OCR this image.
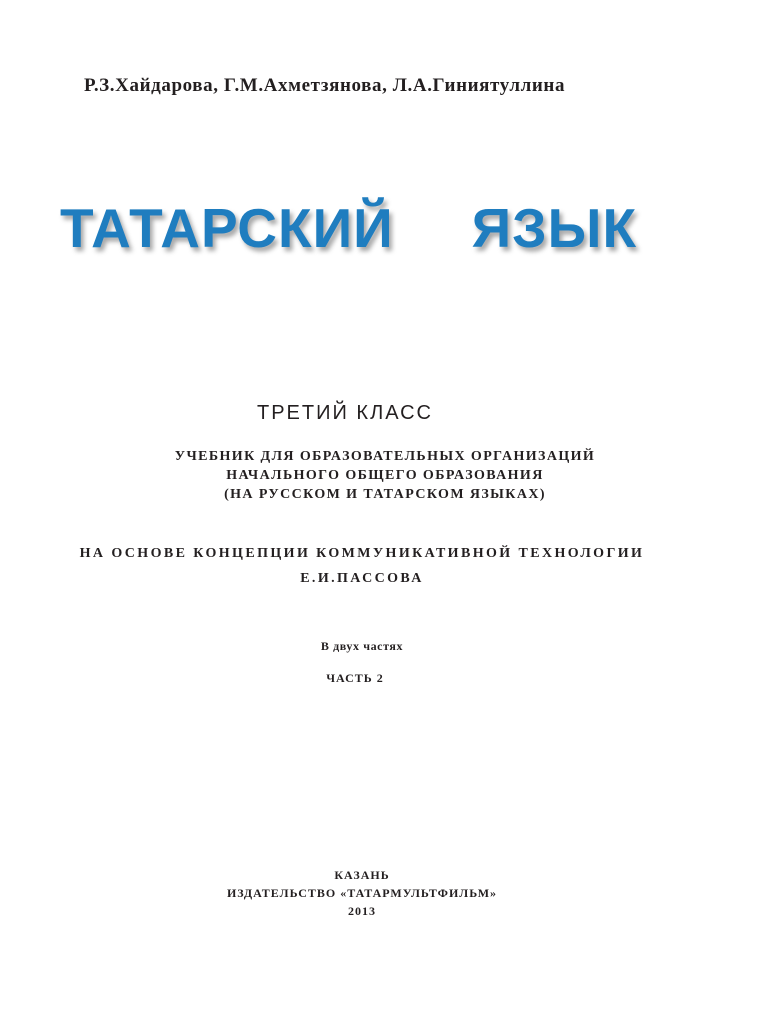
Р.З.Хайдарова, Г.М.Ахметзянова, Л.А.Гиниятуллина
ТАТАРСКИЙ ЯЗЫК
ТРЕТИЙ КЛАСС
УЧЕБНИК ДЛЯ ОБРАЗОВАТЕЛЬНЫХ ОРГАНИЗАЦИЙ
НАЧАЛЬНОГО ОБЩЕГО ОБРАЗОВАНИЯ
(НА РУССКОМ И ТАТАРСКОМ ЯЗЫКАХ)
НА ОСНОВЕ КОНЦЕПЦИИ КОММУНИКАТИВНОЙ ТЕХНОЛОГИИ
Е.И.ПАССОВА
В двух частях
ЧАСТЬ 2
КАЗАНЬ
ИЗДАТЕЛЬСТВО «ТАТАРМУЛЬТФИЛЬМ»
2013
